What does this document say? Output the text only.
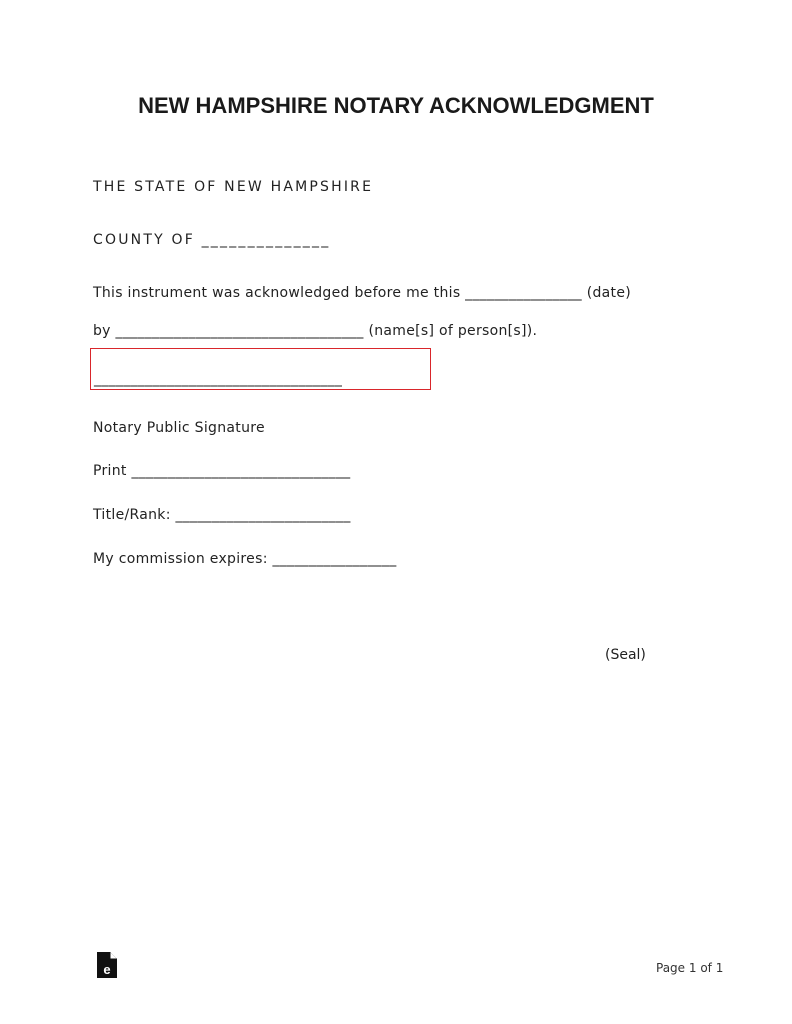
NEW HAMPSHIRE NOTARY ACKNOWLEDGMENT
THE STATE OF NEW HAMPSHIRE
COUNTY OF ______________
This instrument was acknowledged before me this ________________ (date)
by __________________________________ (name[s] of person[s]).
__________________________________
Notary Public Signature
Print ______________________________
Title/Rank: ________________________
My commission expires: _________________
(Seal)
e	Page 1 of 1
